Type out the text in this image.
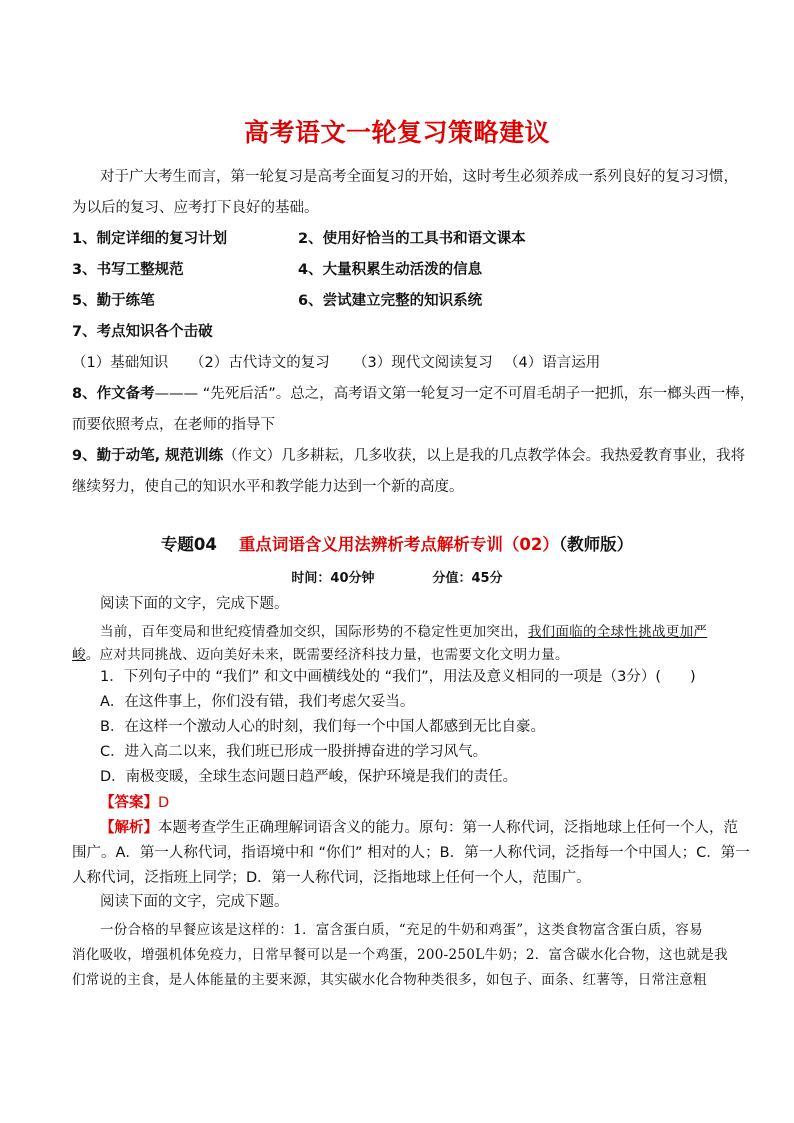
高考语文一轮复习策略建议
对于广大考生而言，第一轮复习是高考全面复习的开始，这时考生必须养成一系列良好的复习习惯，
为以后的复习、应考打下良好的基础。
1、制定详细的复习计划	2、使用好恰当的工具书和语文课本
3、书写工整规范	4、大量积累生动活泼的信息
5、勤于练笔	6、尝试建立完整的知识系统
7、考点知识各个击破
（1）基础知识 （2）古代诗文的复习 （3）现代文阅读复习 （4）语言运用
8、作文备考——— “先死后活”。总之，高考语文第一轮复习一定不可眉毛胡子一把抓，东一榔头西一棒，
而要依照考点，在老师的指导下
9、勤于动笔, 规范训练（作文）几多耕耘，几多收获，以上是我的几点教学体会。我热爱教育事业，我将
继续努力，使自己的知识水平和教学能力达到一个新的高度。
专题04 重点词语含义用法辨析考点解析专训（02）（教师版）
时间：40分钟	分值：45分
阅读下面的文字，完成下题。
当前，百年变局和世纪疫情叠加交织，国际形势的不稳定性更加突出，我们面临的全球性挑战更加严
峻。应对共同挑战、迈向美好未来，既需要经济科技力量，也需要文化文明力量。
1．下列句子中的 “我们” 和文中画横线处的 “我们”，用法及意义相同的一项是（3分）(　　)
A．在这件事上，你们没有错，我们考虑欠妥当。
B．在这样一个激动人心的时刻，我们每一个中国人都感到无比自豪。
C．进入高二以来，我们班已形成一股拼搏奋进的学习风气。
D．南极变暖，全球生态问题日趋严峻，保护环境是我们的责任。
【答案】D
【解析】本题考查学生正确理解词语含义的能力。原句：第一人称代词，泛指地球上任何一个人，范
围广。A．第一人称代词，指语境中和 “你们” 相对的人；B．第一人称代词，泛指每一个中国人；C．第一
人称代词，泛指班上同学；D．第一人称代词，泛指地球上任何一个人，范围广。
阅读下面的文字，完成下题。
一份合格的早餐应该是这样的：1．富含蛋白质，“充足的牛奶和鸡蛋”，这类食物富含蛋白质，容易
消化吸收，增强机体免疫力，日常早餐可以是一个鸡蛋，200-250L牛奶；2．富含碳水化合物，这也就是我
们常说的主食，是人体能量的主要来源，其实碳水化合物种类很多，如包子、面条、红薯等，日常注意粗
